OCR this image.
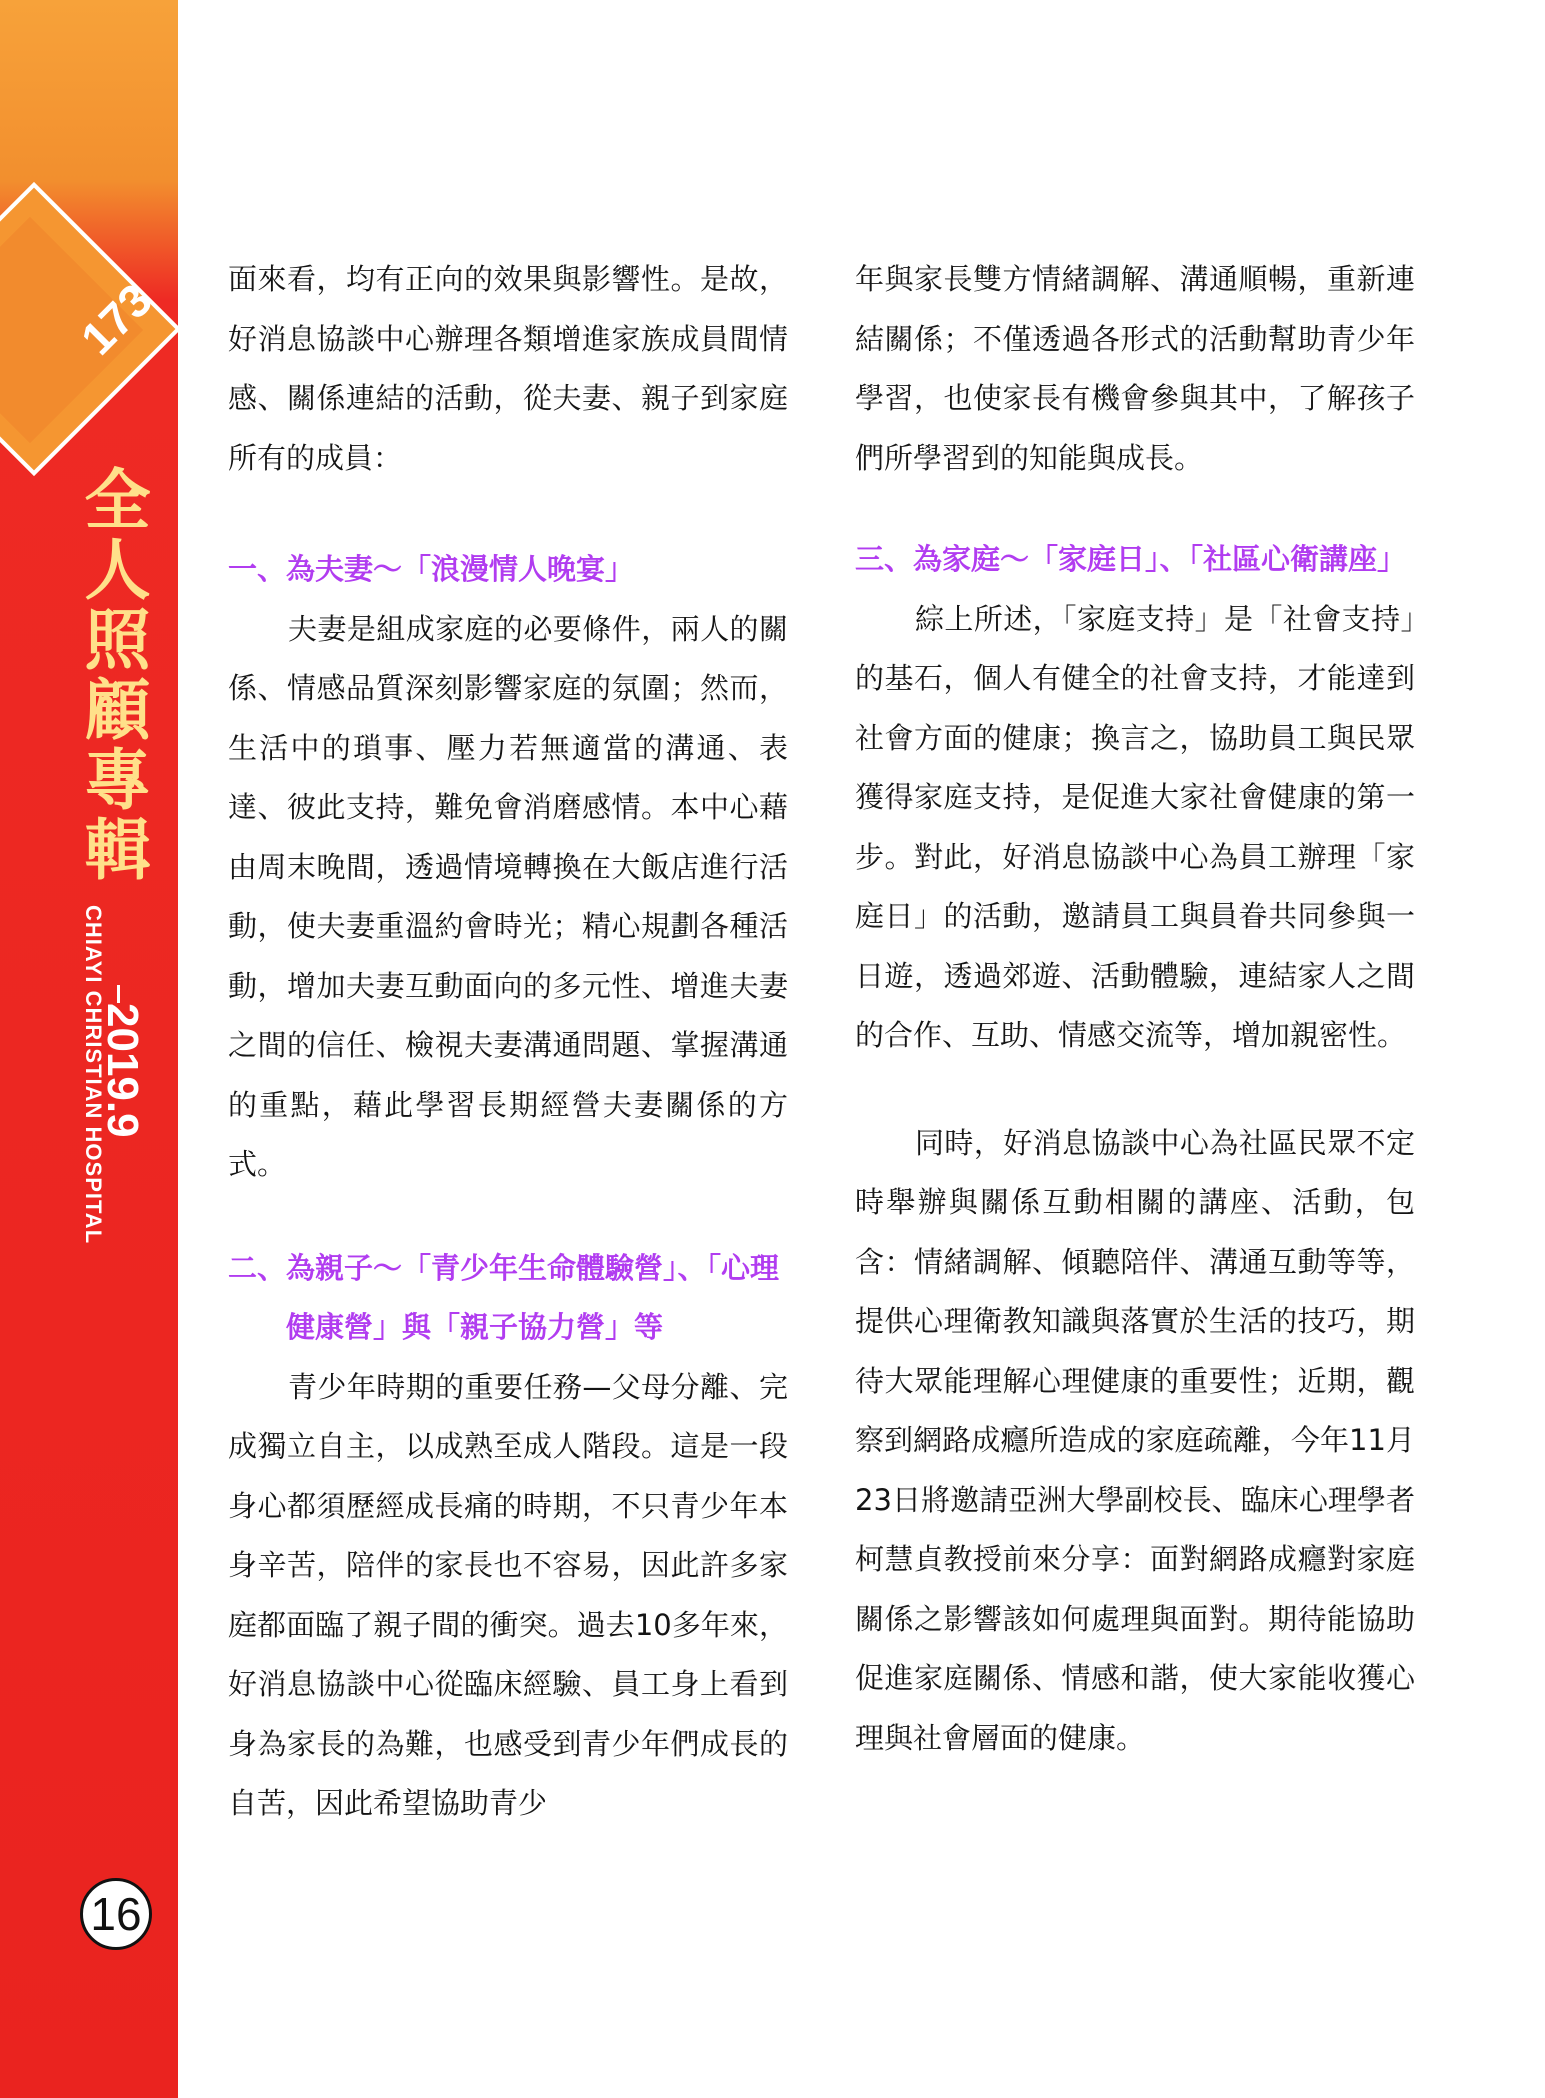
173
全人照顧專輯
CHIAYI CHRISTIAN HOSPITAL
2019.9
16

面來看，均有正向的效果與影響性。是故，好消息協談中心辦理各類增進家族成員間情感、關係連結的活動，從夫妻、親子到家庭所有的成員：

一、為夫妻～「浪漫情人晚宴」

夫妻是組成家庭的必要條件，兩人的關係、情感品質深刻影響家庭的氛圍；然而，生活中的瑣事、壓力若無適當的溝通、表達、彼此支持，難免會消磨感情。本中心藉由周末晚間，透過情境轉換在大飯店進行活動，使夫妻重溫約會時光；精心規劃各種活動，增加夫妻互動面向的多元性、增進夫妻之間的信任、檢視夫妻溝通問題、掌握溝通的重點，藉此學習長期經營夫妻關係的方式。

二、為親子～「青少年生命體驗營」、「心理健康營」與「親子協力營」等

青少年時期的重要任務—父母分離、完成獨立自主，以成熟至成人階段。這是一段身心都須歷經成長痛的時期，不只青少年本身辛苦，陪伴的家長也不容易，因此許多家庭都面臨了親子間的衝突。過去10多年來，好消息協談中心從臨床經驗、員工身上看到身為家長的為難，也感受到青少年們成長的自苦，因此希望協助青少

年與家長雙方情緒調解、溝通順暢，重新連結關係；不僅透過各形式的活動幫助青少年學習，也使家長有機會參與其中，了解孩子們所學習到的知能與成長。

三、為家庭～「家庭日」、「社區心衛講座」

綜上所述，「家庭支持」是「社會支持」的基石，個人有健全的社會支持，才能達到社會方面的健康；換言之，協助員工與民眾獲得家庭支持，是促進大家社會健康的第一步。對此，好消息協談中心為員工辦理「家庭日」的活動，邀請員工與員眷共同參與一日遊，透過郊遊、活動體驗，連結家人之間的合作、互助、情感交流等，增加親密性。

同時，好消息協談中心為社區民眾不定時舉辦與關係互動相關的講座、活動，包含：情緒調解、傾聽陪伴、溝通互動等等，提供心理衛教知識與落實於生活的技巧，期待大眾能理解心理健康的重要性；近期，觀察到網路成癮所造成的家庭疏離，今年11月23日將邀請亞洲大學副校長、臨床心理學者柯慧貞教授前來分享：面對網路成癮對家庭關係之影響該如何處理與面對。期待能協助促進家庭關係、情感和諧，使大家能收獲心理與社會層面的健康。
